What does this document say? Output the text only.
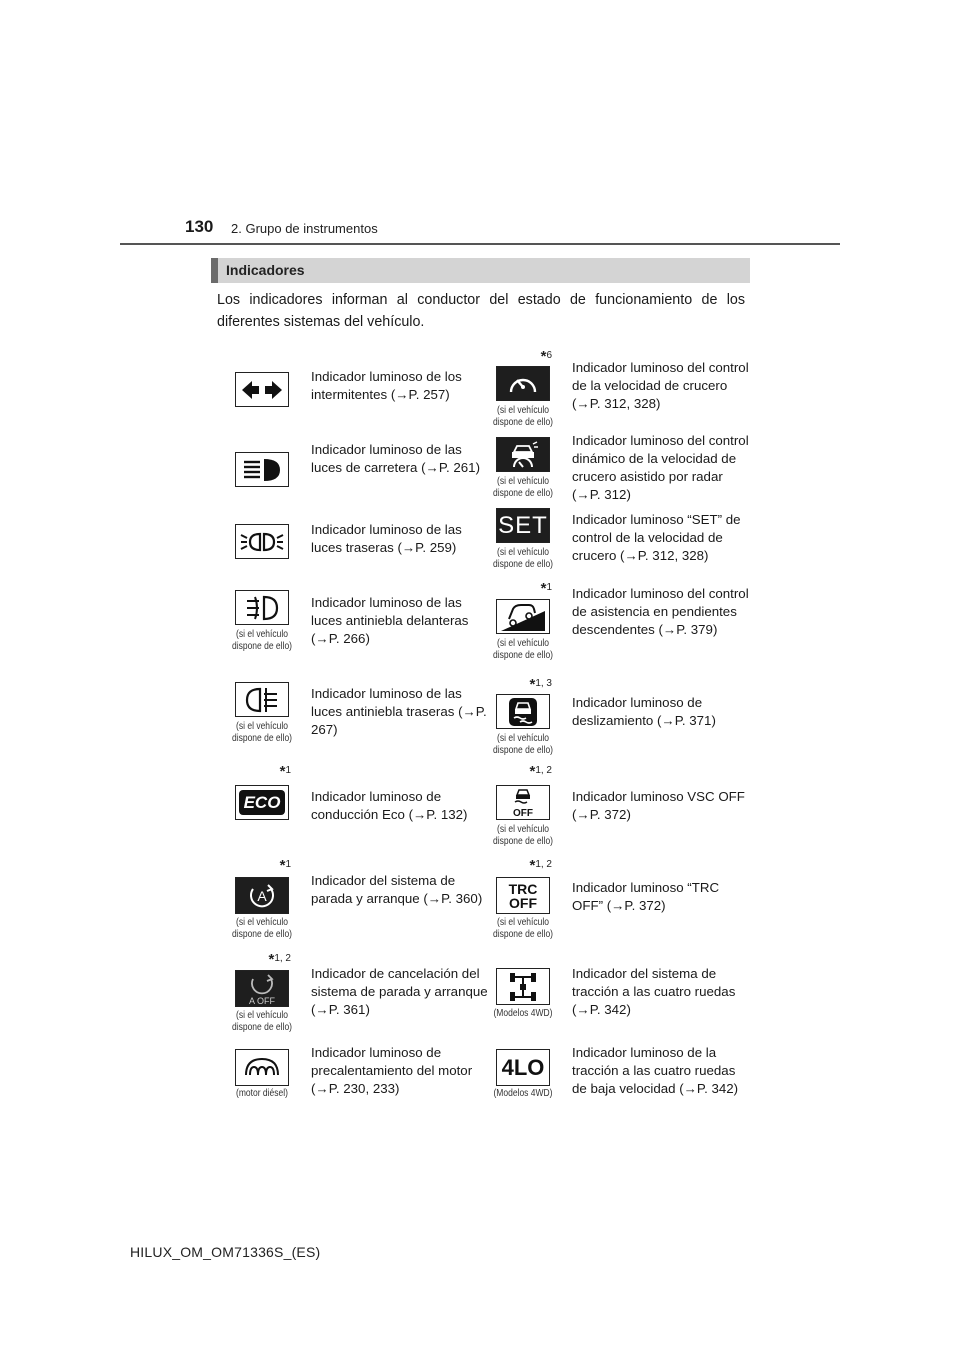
130 2. Grupo de instrumentos
Indicadores
Los indicadores informan al conductor del estado de funcionamiento de los diferentes sistemas del vehículo.
Indicador luminoso de los intermitentes (→P. 257)
*6
(si el vehículo dispone de ello)
Indicador luminoso del control de la velocidad de crucero (→P. 312, 328)
Indicador luminoso de las luces de carretera (→P. 261)
(si el vehículo dispone de ello)
Indicador luminoso del control dinámico de la velocidad de crucero asistido por radar (→P. 312)
Indicador luminoso de las luces traseras (→P. 259)
SET
(si el vehículo dispone de ello)
Indicador luminoso “SET” de control de la velocidad de crucero (→P. 312, 328)
(si el vehículo dispone de ello)
Indicador luminoso de las luces antiniebla delanteras (→P. 266)
*1
(si el vehículo dispone de ello)
Indicador luminoso del control de asistencia en pendientes descendentes (→P. 379)
(si el vehículo dispone de ello)
Indicador luminoso de las luces antiniebla traseras (→P. 267)
*1, 3
(si el vehículo dispone de ello)
Indicador luminoso de deslizamiento (→P. 371)
*1
ECO Indicador luminoso de conducción Eco (→P. 132)
*1, 2
OFF
(si el vehículo dispone de ello)
Indicador luminoso VSC OFF (→P. 372)
*1
A
(si el vehículo dispone de ello)
Indicador del sistema de parada y arranque (→P. 360)
*1, 2
TRC OFF
(si el vehículo dispone de ello)
Indicador luminoso “TRC OFF” (→P. 372)
*1, 2
A OFF
(si el vehículo dispone de ello)
Indicador de cancelación del sistema de parada y arranque (→P. 361)	(Modelos 4WD)
Indicador del sistema de tracción a las cuatro ruedas (→P. 342)
(motor diésel)
Indicador luminoso de precalentamiento del motor (→P. 230, 233)
4LO
(Modelos 4WD)
Indicador luminoso de la tracción a las cuatro ruedas de baja velocidad (→P. 342)
HILUX_OM_OM71336S_(ES)
